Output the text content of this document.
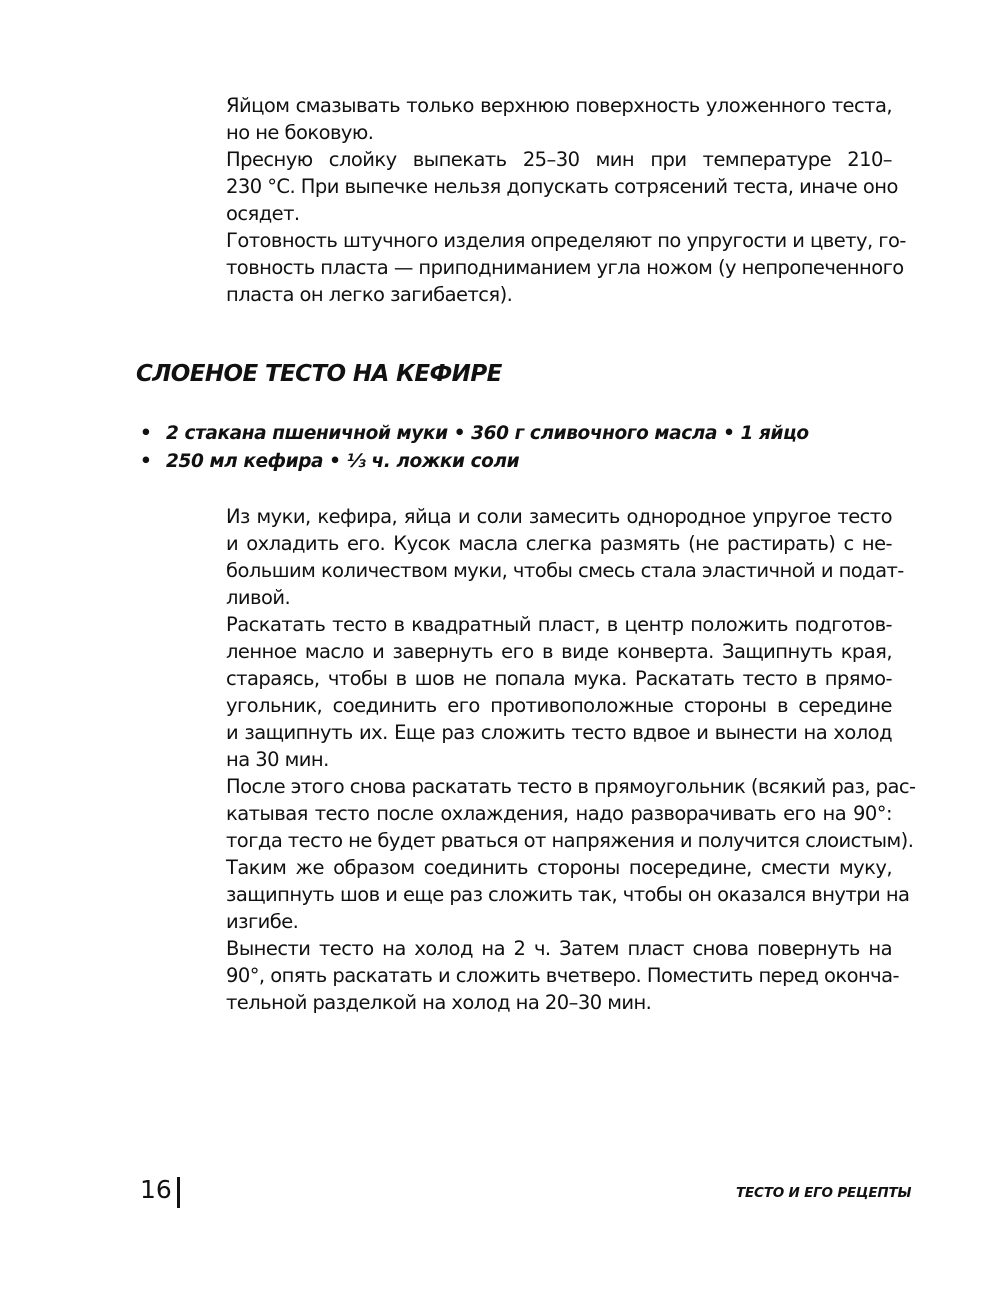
Яйцом смазывать только верхнюю поверхность уложенного теста,
но не боковую.
Пресную слойку выпекать 25–30 мин при температуре 210–
230 °С. При выпечке нельзя допускать сотрясений теста, иначе оно
осядет.
Готовность штучного изделия определяют по упругости и цвету, го-
товность пласта — приподниманием угла ножом (у непропеченного
пласта он легко загибается).
СЛОЕНОЕ ТЕСТО НА КЕФИРЕ
• 2 стакана пшеничной муки • 360 г сливочного масла • 1 яйцо
• 250 мл кефира • ⅓ ч. ложки соли
Из муки, кефира, яйца и соли замесить однородное упругое тесто
и охладить его. Кусок масла слегка размять (не растирать) с не-
большим количеством муки, чтобы смесь стала эластичной и подат-
ливой.
Раскатать тесто в квадратный пласт, в центр положить подготов-
ленное масло и завернуть его в виде конверта. Защипнуть края,
стараясь, чтобы в шов не попала мука. Раскатать тесто в прямо-
угольник, соединить его противоположные стороны в середине
и защипнуть их. Еще раз сложить тесто вдвое и вынести на холод
на 30 мин.
После этого снова раскатать тесто в прямоугольник (всякий раз, рас-
катывая тесто после охлаждения, надо разворачивать его на 90°:
тогда тесто не будет рваться от напряжения и получится слоистым).
Таким же образом соединить стороны посередине, смести муку,
защипнуть шов и еще раз сложить так, чтобы он оказался внутри на
изгибе.
Вынести тесто на холод на 2 ч. Затем пласт снова повернуть на
90°, опять раскатать и сложить вчетверо. Поместить перед оконча-
тельной разделкой на холод на 20–30 мин.
16	ТЕСТО И ЕГО РЕЦЕПТЫ
